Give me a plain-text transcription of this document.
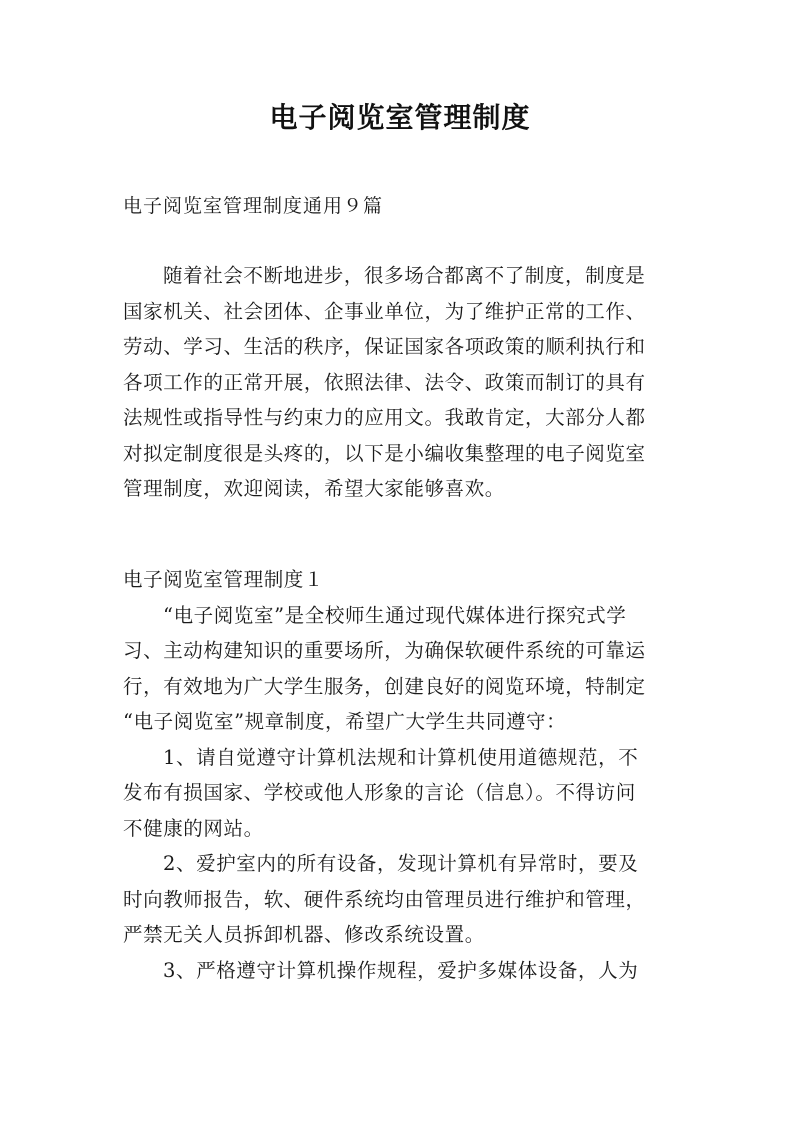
电子阅览室管理制度
电子阅览室管理制度通用９篇
随着社会不断地进步，很多场合都离不了制度，制度是
国家机关、社会团体、企事业单位，为了维护正常的工作、
劳动、学习、生活的秩序，保证国家各项政策的顺利执行和
各项工作的正常开展，依照法律、法令、政策而制订的具有
法规性或指导性与约束力的应用文。我敢肯定，大部分人都
对拟定制度很是头疼的，以下是小编收集整理的电子阅览室
管理制度，欢迎阅读，希望大家能够喜欢。
电子阅览室管理制度１
“电子阅览室”是全校师生通过现代媒体进行探究式学
习、主动构建知识的重要场所，为确保软硬件系统的可靠运
行，有效地为广大学生服务，创建良好的阅览环境，特制定
“电子阅览室”规章制度，希望广大学生共同遵守：
1、请自觉遵守计算机法规和计算机使用道德规范，不
发布有损国家、学校或他人形象的言论（信息）。不得访问
不健康的网站。
2、爱护室内的所有设备，发现计算机有异常时，要及
时向教师报告，软、硬件系统均由管理员进行维护和管理，
严禁无关人员拆卸机器、修改系统设置。
3、严格遵守计算机操作规程，爱护多媒体设备，人为
